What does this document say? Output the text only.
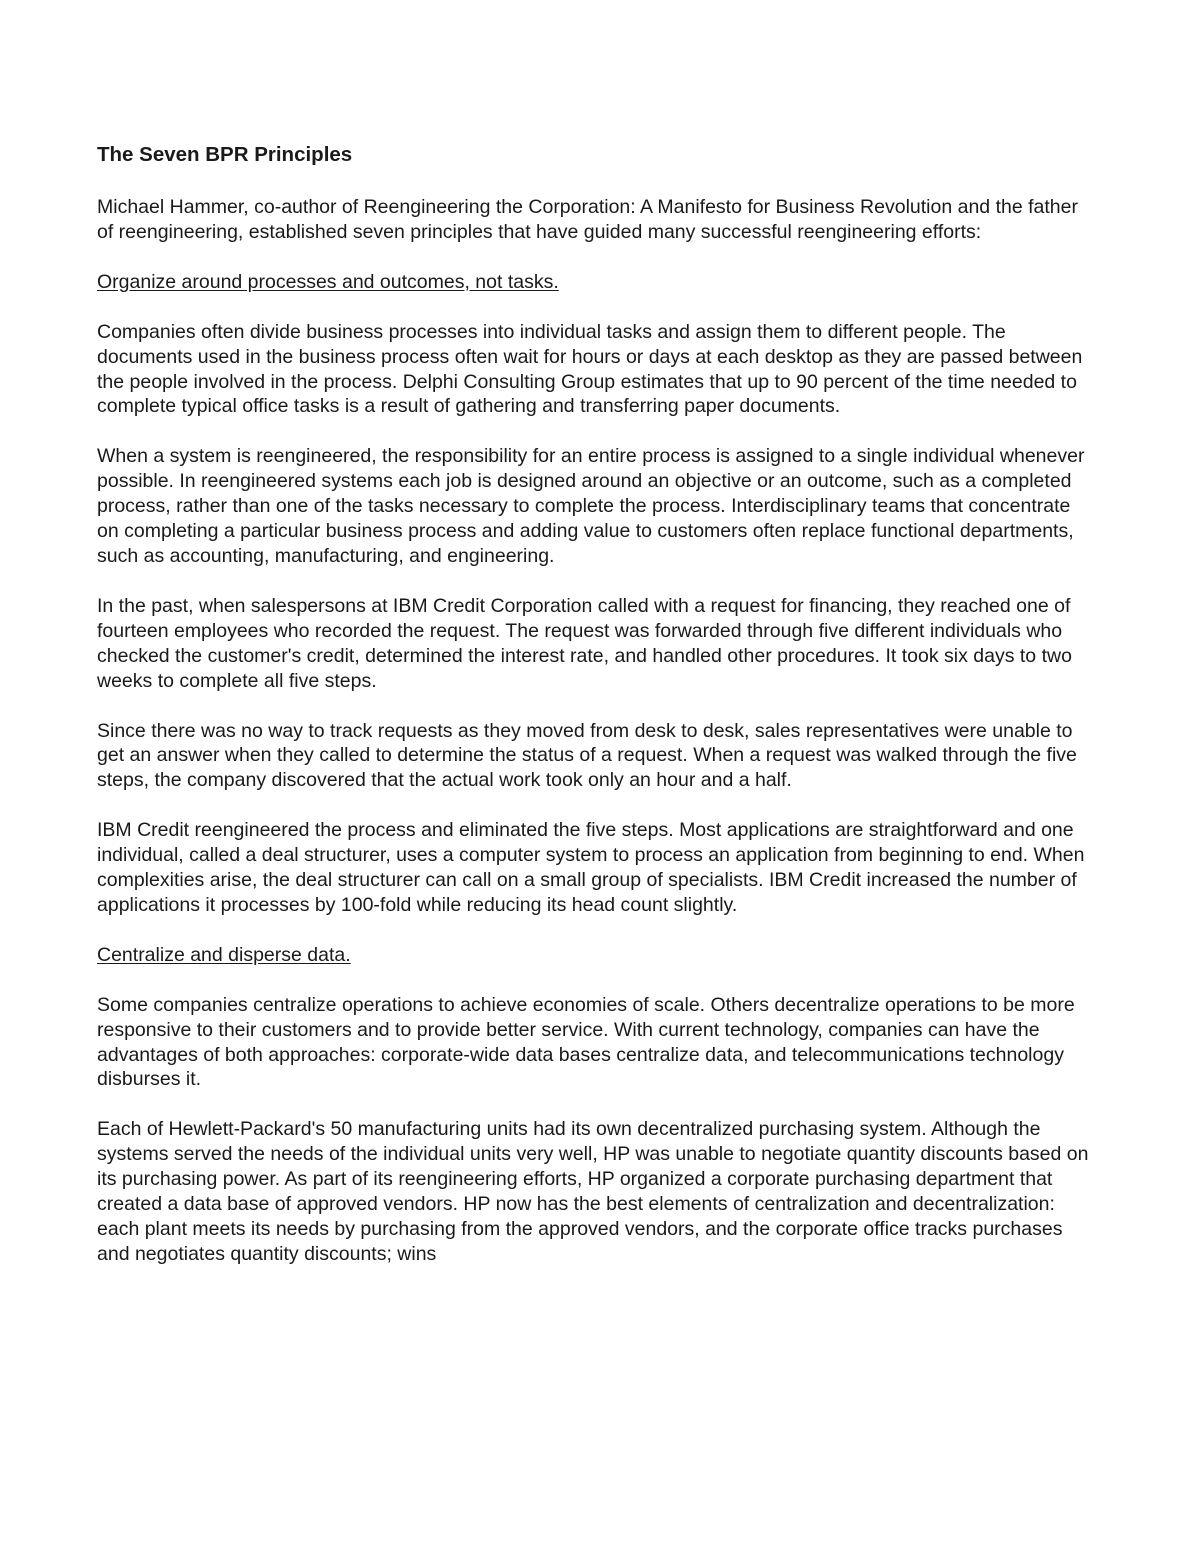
The Seven BPR Principles

Michael Hammer, co-author of Reengineering the Corporation: A Manifesto for Business Revolution and the father of reengineering, established seven principles that have guided many successful reengineering efforts:

Organize around processes and outcomes, not tasks.

Companies often divide business processes into individual tasks and assign them to different people. The documents used in the business process often wait for hours or days at each desktop as they are passed between the people involved in the process. Delphi Consulting Group estimates that up to 90 percent of the time needed to complete typical office tasks is a result of gathering and transferring paper documents.

When a system is reengineered, the responsibility for an entire process is assigned to a single individual whenever possible. In reengineered systems each job is designed around an objective or an outcome, such as a completed process, rather than one of the tasks necessary to complete the process. Interdisciplinary teams that concentrate on completing a particular business process and adding value to customers often replace functional departments, such as accounting, manufacturing, and engineering.

In the past, when salespersons at IBM Credit Corporation called with a request for financing, they reached one of fourteen employees who recorded the request. The request was forwarded through five different individuals who checked the customer's credit, determined the interest rate, and handled other procedures. It took six days to two weeks to complete all five steps.

Since there was no way to track requests as they moved from desk to desk, sales representatives were unable to get an answer when they called to determine the status of a request. When a request was walked through the five steps, the company discovered that the actual work took only an hour and a half.

IBM Credit reengineered the process and eliminated the five steps. Most applications are straightforward and one individual, called a deal structurer, uses a computer system to process an application from beginning to end. When complexities arise, the deal structurer can call on a small group of specialists. IBM Credit increased the number of applications it processes by 100-fold while reducing its head count slightly.

Centralize and disperse data.

Some companies centralize operations to achieve economies of scale. Others decentralize operations to be more responsive to their customers and to provide better service. With current technology, companies can have the advantages of both approaches: corporate-wide data bases centralize data, and telecommunications technology disburses it.

Each of Hewlett-Packard's 50 manufacturing units had its own decentralized purchasing system. Although the systems served the needs of the individual units very well, HP was unable to negotiate quantity discounts based on its purchasing power. As part of its reengineering efforts, HP organized a corporate purchasing department that created a data base of approved vendors. HP now has the best elements of centralization and decentralization: each plant meets its needs by purchasing from the approved vendors, and the corporate office tracks purchases and negotiates quantity discounts; wins
